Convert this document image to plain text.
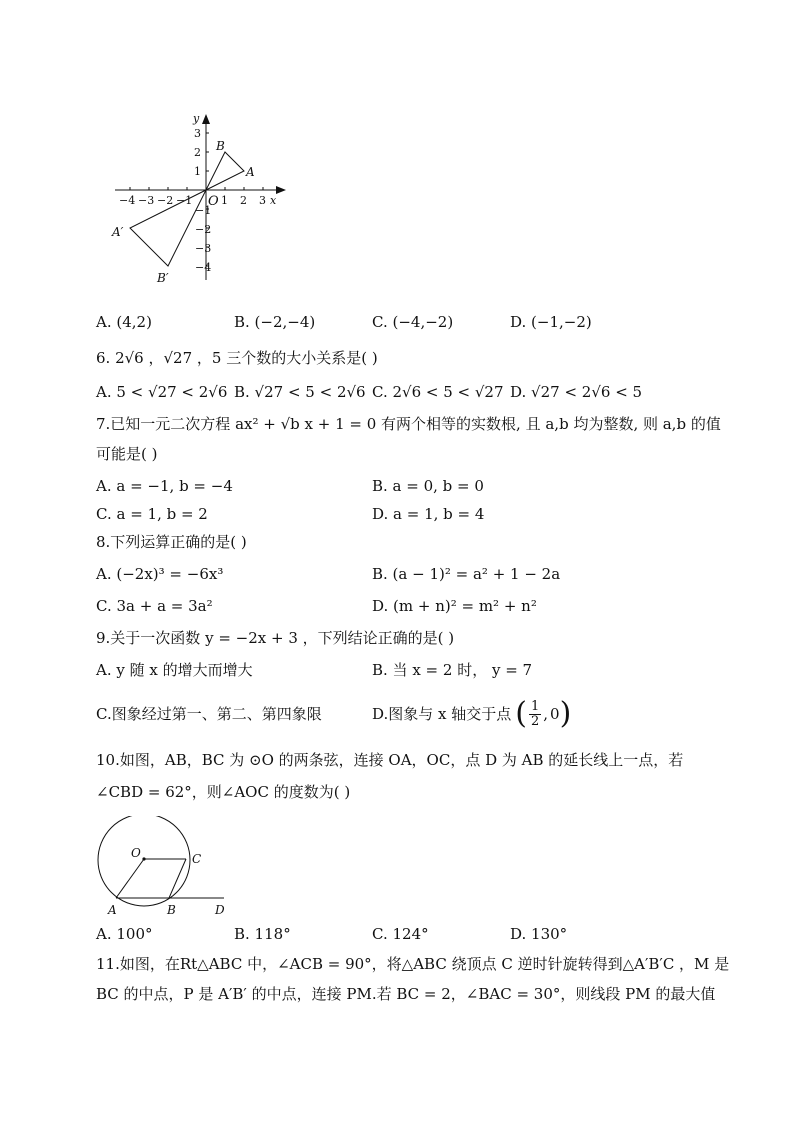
−4 −3 −2 −1	1 2 3 x
O
y
3
2
1
−1
−2
−3
−4
A
B
A′
B′
A. (4,2)	B. (−2,−4)	C. (−4,−2)	D. (−1,−2)
6. 2√6 ，√27 ，5 三个数的大小关系是( )
A. 5 < √27 < 2√6 B. √27 < 5 < 2√6 C. 2√6 < 5 < √27 D. √27 < 2√6 < 5
7.已知一元二次方程 ax² + √b x + 1 = 0 有两个相等的实数根, 且 a,b 均为整数, 则 a,b 的值
可能是( )
A. a = −1, b = −4	B. a = 0, b = 0
C. a = 1, b = 2	D. a = 1, b = 4
8.下列运算正确的是( )
A. (−2x)³ = −6x³	B. (a − 1)² = a² + 1 − 2a
C. 3a + a = 3a²	D. (m + n)² = m² + n²
9.关于一次函数 y = −2x + 3 ，下列结论正确的是( )
A. y 随 x 的增大而增大	B. 当 x = 2 时， y = 7
C.图象经过第一、第二、第四象限	D.图象与 x 轴交于点 ( $\frac{1}{2}$ , 0 )
10.如图，AB，BC 为 ⊙O 的两条弦，连接 OA，OC，点 D 为 AB 的延长线上一点，若
∠CBD = 62°，则∠AOC 的度数为( )
O	C
A	B	D
A. 100°	B. 118°	C. 124°	D. 130°
11.如图，在Rt△ABC 中，∠ACB = 90°，将△ABC 绕顶点 C 逆时针旋转得到△A′B′C ，M 是
BC 的中点，P 是 A′B′ 的中点，连接 PM.若 BC = 2，∠BAC = 30°，则线段 PM 的最大值
